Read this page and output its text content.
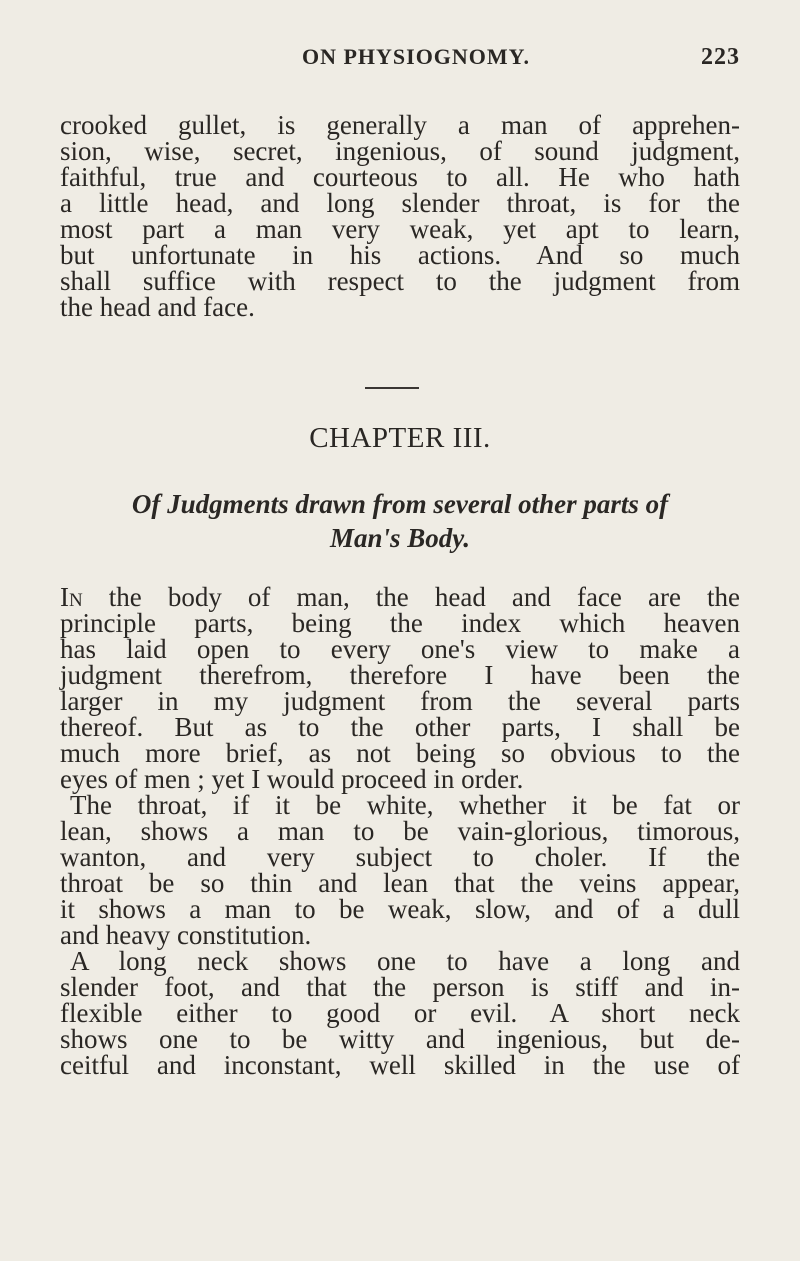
ON PHYSIOGNOMY.	223
crooked gullet, is generally a man of apprehen-
sion, wise, secret, ingenious, of sound judgment,
faithful, true and courteous to all. He who hath
a little head, and long slender throat, is for the
most part a man very weak, yet apt to learn,
but unfortunate in his actions. And so much
shall suffice with respect to the judgment from
the head and face.
CHAPTER III.
Of Judgments drawn from several other parts of
Man's Body.
In the body of man, the head and face are the
principle parts, being the index which heaven
has laid open to every one's view to make a
judgment therefrom, therefore I have been the
larger in my judgment from the several parts
thereof. But as to the other parts, I shall be
much more brief, as not being so obvious to the
eyes of men ; yet I would proceed in order.
The throat, if it be white, whether it be fat or
lean, shows a man to be vain-glorious, timorous,
wanton, and very subject to choler. If the
throat be so thin and lean that the veins appear,
it shows a man to be weak, slow, and of a dull
and heavy constitution.
A long neck shows one to have a long and
slender foot, and that the person is stiff and in-
flexible either to good or evil. A short neck
shows one to be witty and ingenious, but de-
ceitful and inconstant, well skilled in the use of
